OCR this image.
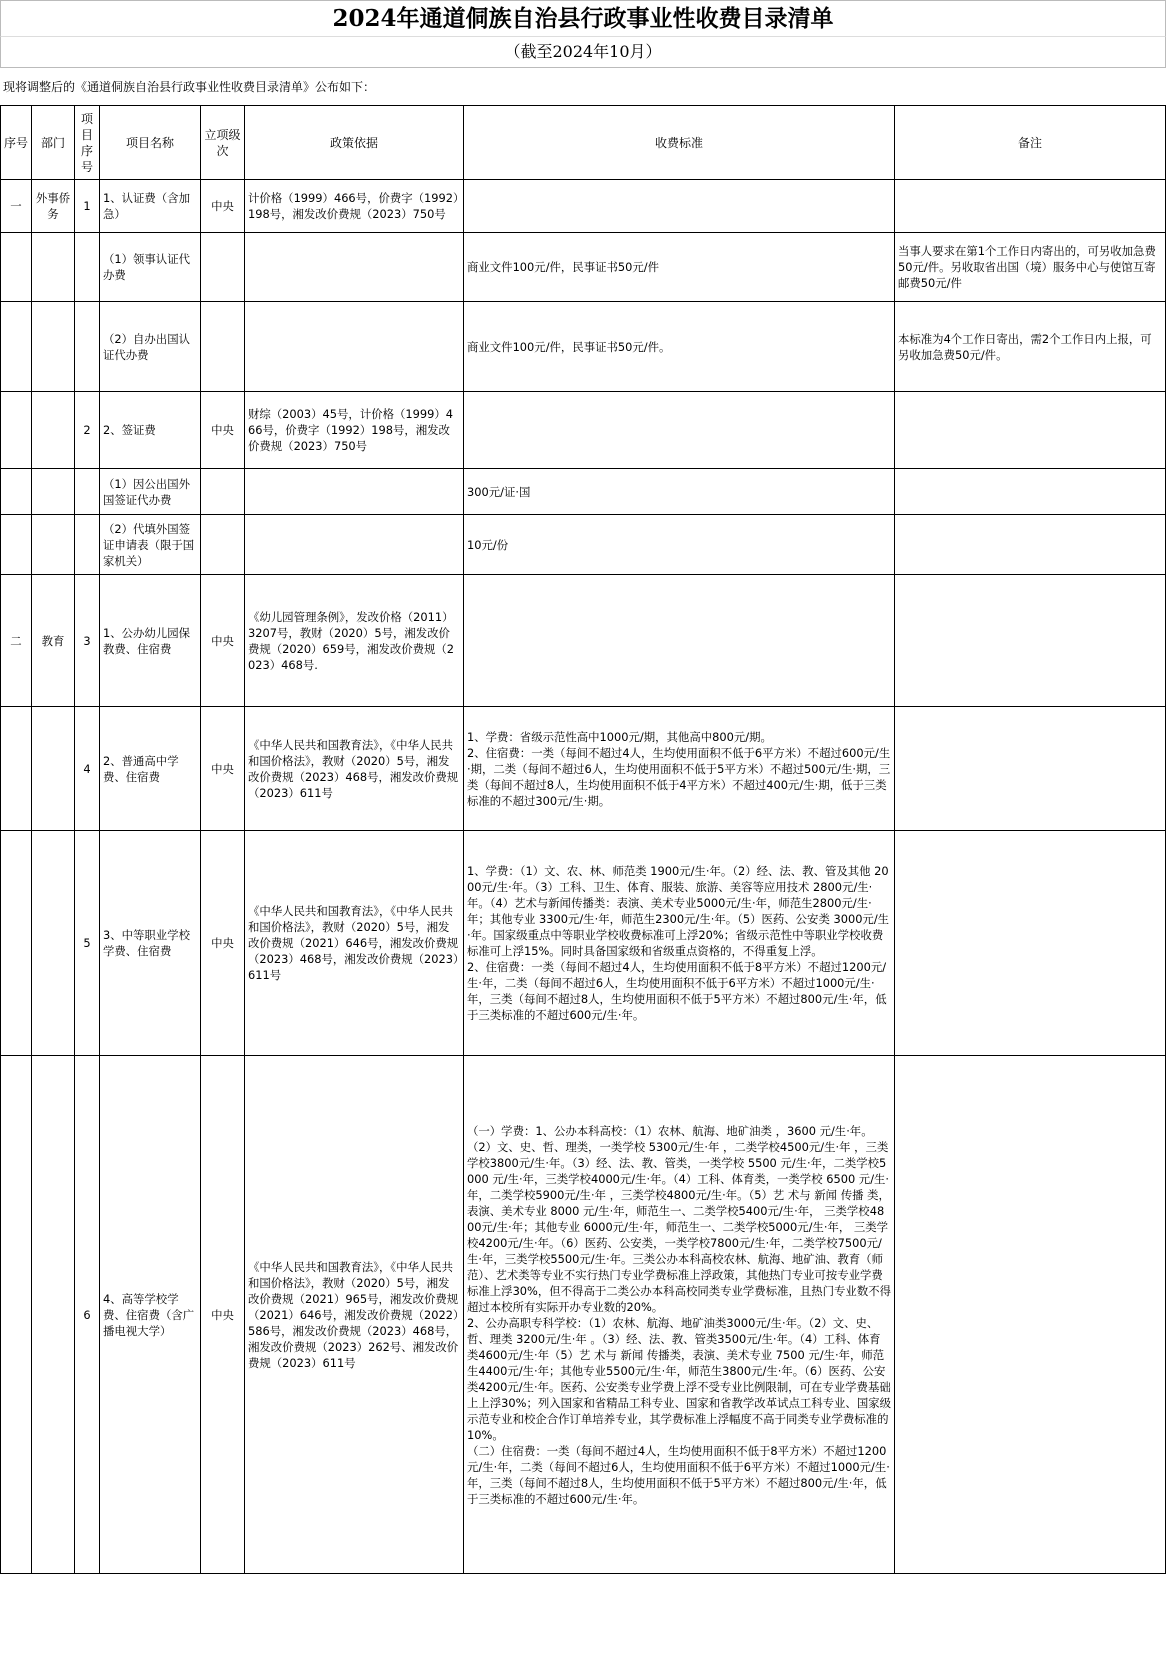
2024年通道侗族自治县行政事业性收费目录清单
（截至2024年10月）
现将调整后的《通道侗族自治县行政事业性收费目录清单》公布如下：
序号	部门	项目序号	项目名称	立项级次	政策依据	收费标准	备注
一	外事侨务	1	1、认证费（含加急）	中央	计价格（1999）466号，价费字（1992）198号，湘发改价费规（2023）750号		
			（1）领事认证代办费			商业文件100元/件，民事证书50元/件	当事人要求在第1个工作日内寄出的，可另收加急费50元/件。另收取省出国（境）服务中心与使馆互寄邮费50元/件
			（2）自办出国认证代办费			商业文件100元/件，民事证书50元/件。	本标准为4个工作日寄出，需2个工作日内上报，可另收加急费50元/件。
		2	2、签证费	中央	财综（2003）45号，计价格（1999）466号，价费字（1992）198号，湘发改价费规（2023）750号		
			（1）因公出国外国签证代办费			300元/证·国	
			（2）代填外国签证申请表（限于国家机关）			10元/份	
二	教育	3	1、公办幼儿园保教费、住宿费	中央	《幼儿园管理条例》，发改价格（2011）3207号，教财（2020）5号，湘发改价费规（2020）659号，湘发改价费规（2023）468号.		
		4	2、普通高中学费、住宿费	中央	《中华人民共和国教育法》，《中华人民共和国价格法》，教财（2020）5号，湘发改价费规（2023）468号，湘发改价费规（2023）611号	1、学费：省级示范性高中1000元/期，其他高中800元/期。
2、住宿费：一类（每间不超过4人，生均使用面积不低于6平方米）不超过600元/生·期，二类（每间不超过6人，生均使用面积不低于5平方米）不超过500元/生·期，三类（每间不超过8人，生均使用面积不低于4平方米）不超过400元/生·期，低于三类标准的不超过300元/生·期。	
		5	3、中等职业学校学费、住宿费	中央	《中华人民共和国教育法》，《中华人民共和国价格法》，教财（2020）5号，湘发改价费规（2021）646号，湘发改价费规（2023）468号，湘发改价费规（2023）611号	1、学费：（1）文、农、林、师范类 1900元/生·年。（2）经、法、教、管及其他 2000元/生·年。（3）工科、卫生、体育、服装、旅游、美容等应用技术 2800元/生·年。（4）艺术与新闻传播类：表演、美术专业5000元/生·年，师范生2800元/生·年；其他专业 3300元/生·年，师范生2300元/生·年。（5）医药、公安类 3000元/生·年。国家级重点中等职业学校收费标准可上浮20%；省级示范性中等职业学校收费标准可上浮15%。同时具备国家级和省级重点资格的，不得重复上浮。
2、住宿费：一类（每间不超过4人，生均使用面积不低于8平方米）不超过1200元/生·年，二类（每间不超过6人，生均使用面积不低于6平方米）不超过1000元/生·年，三类（每间不超过8人，生均使用面积不低于5平方米）不超过800元/生·年，低于三类标准的不超过600元/生·年。	
		6	4、高等学校学费、住宿费（含广播电视大学）	中央	《中华人民共和国教育法》，《中华人民共和国价格法》，教财（2020）5号，湘发改价费规（2021）965号，湘发改价费规（2021）646号，湘发改价费规（2022）586号，湘发改价费规（2023）468号，湘发改价费规（2023）262号、湘发改价费规（2023）611号	（一）学费：1、公办本科高校：（1）农林、航海、地矿油类 ，3600 元/生·年。（2）文、史、哲、理类，一类学校 5300元/生·年 ，二类学校4500元/生·年 ，三类学校3800元/生·年。（3）经、法、教、管类，一类学校 5500 元/生·年，二类学校5000 元/生·年，三类学校4000元/生·年。（4）工科、体育类，一类学校 6500 元/生·年，二类学校5900元/生·年 ，三类学校4800元/生·年。（5）艺 术与 新闻 传播 类，表演、美术专业 8000 元/生·年，师范生一、二类学校5400元/生·年， 三类学校4800元/生·年；其他专业 6000元/生·年，师范生一、二类学校5000元/生·年， 三类学校4200元/生·年。（6）医药、公安类，一类学校7800元/生·年，二类学校7500元/生·年，三类学校5500元/生·年。三类公办本科高校农林、航海、地矿油、教育（师范）、艺术类等专业不实行热门专业学费标准上浮政策，其他热门专业可按专业学费标准上浮30%，但不得高于二类公办本科高校同类专业学费标准，且热门专业数不得超过本校所有实际开办专业数的20%。
2、公办高职专科学校：（1）农林、航海、地矿油类3000元/生·年。（2）文、史、哲、理类 3200元/生·年 。（3）经、法、教、管类3500元/生·年。（4）工科、体育类4600元/生·年（5）艺 术与 新闻 传播类，表演、美术专业 7500 元/生·年，师范生4400元/生·年；其他专业5500元/生·年，师范生3800元/生·年。（6）医药、公安类4200元/生·年。医药、公安类专业学费上浮不受专业比例限制，可在专业学费基础上上浮30%；列入国家和省精品工科专业、国家和省教学改革试点工科专业、国家级示范专业和校企合作订单培养专业，其学费标准上浮幅度不高于同类专业学费标准的10%。
（二）住宿费：一类（每间不超过4人，生均使用面积不低于8平方米）不超过1200元/生·年，二类（每间不超过6人，生均使用面积不低于6平方米）不超过1000元/生·年，三类（每间不超过8人，生均使用面积不低于5平方米）不超过800元/生·年，低于三类标准的不超过600元/生·年。	
